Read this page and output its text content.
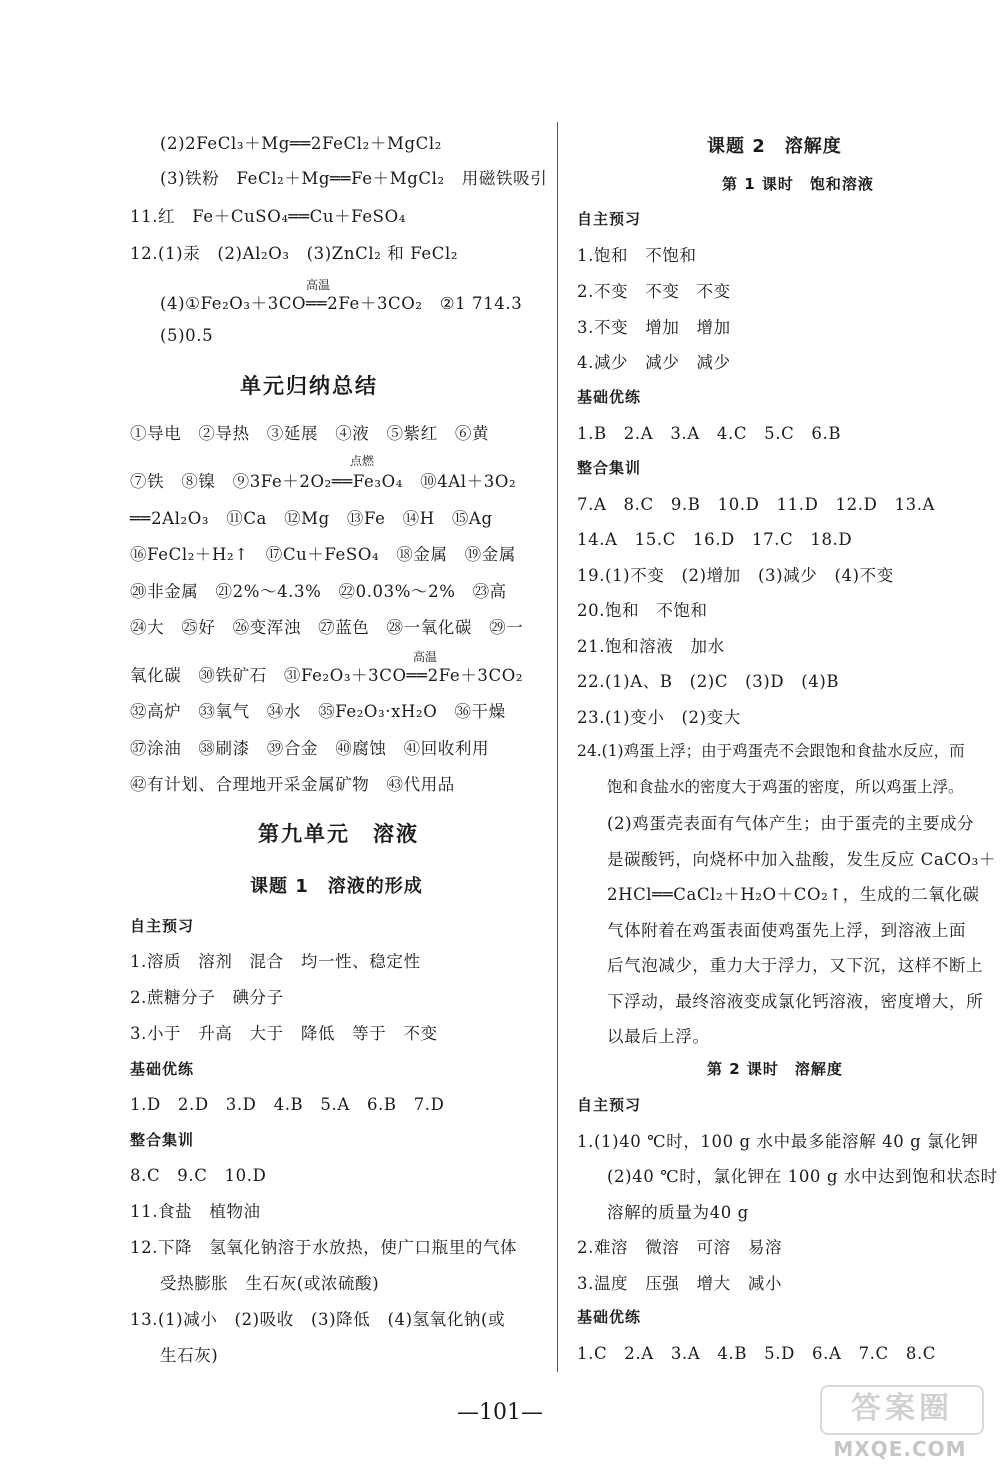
(2)2FeCl₃＋Mg══2FeCl₂＋MgCl₂
(3)铁粉　FeCl₂＋Mg══Fe＋MgCl₂　用磁铁吸引
11.红　Fe＋CuSO₄══Cu＋FeSO₄
12.(1)汞　(2)Al₂O₃　(3)ZnCl₂ 和 FeCl₂
高温
(4)①Fe₂O₃＋3CO══2Fe＋3CO₂　②1 714.3
(5)0.5
单元归纳总结
①导电　②导热　③延展　④液　⑤紫红　⑥黄
点燃
⑦铁　⑧镍　⑨3Fe＋2O₂══Fe₃O₄　⑩4Al＋3O₂
══2Al₂O₃　⑪Ca　⑫Mg　⑬Fe　⑭H　⑮Ag
⑯FeCl₂＋H₂↑　⑰Cu＋FeSO₄　⑱金属　⑲金属
⑳非金属　㉑2%～4.3%　㉒0.03%～2%　㉓高
㉔大　㉕好　㉖变浑浊　㉗蓝色　㉘一氧化碳　㉙一
高温
氧化碳　㉚铁矿石　㉛Fe₂O₃＋3CO══2Fe＋3CO₂
㉜高炉　㉝氧气　㉞水　㉟Fe₂O₃·xH₂O　㊱干燥
㊲涂油　㊳刷漆　㊴合金　㊵腐蚀　㊶回收利用
㊷有计划、合理地开采金属矿物　㊸代用品
第九单元　溶液
课题 1　溶液的形成
自主预习
1.溶质　溶剂　混合　均一性、稳定性
2.蔗糖分子　碘分子
3.小于　升高　大于　降低　等于　不变
基础优练
1.D　2.D　3.D　4.B　5.A　6.B　7.D
整合集训
8.C　9.C　10.D
11.食盐　植物油
12.下降　氢氧化钠溶于水放热，使广口瓶里的气体
受热膨胀　生石灰(或浓硫酸)
13.(1)减小　(2)吸收　(3)降低　(4)氢氧化钠(或
生石灰)
课题 2　溶解度
第 1 课时　饱和溶液
自主预习
1.饱和　不饱和
2.不变　不变　不变
3.不变　增加　增加
4.减少　减少　减少
基础优练
1.B　2.A　3.A　4.C　5.C　6.B
整合集训
7.A　8.C　9.B　10.D　11.D　12.D　13.A
14.A　15.C　16.D　17.C　18.D
19.(1)不变　(2)增加　(3)减少　(4)不变
20.饱和　不饱和
21.饱和溶液　加水
22.(1)A、B　(2)C　(3)D　(4)B
23.(1)变小　(2)变大
24.(1)鸡蛋上浮；由于鸡蛋壳不会跟饱和食盐水反应，而
饱和食盐水的密度大于鸡蛋的密度，所以鸡蛋上浮。
(2)鸡蛋壳表面有气体产生；由于蛋壳的主要成分
是碳酸钙，向烧杯中加入盐酸，发生反应 CaCO₃＋
2HCl══CaCl₂＋H₂O＋CO₂↑，生成的二氧化碳
气体附着在鸡蛋表面使鸡蛋先上浮，到溶液上面
后气泡减少，重力大于浮力，又下沉，这样不断上
下浮动，最终溶液变成氯化钙溶液，密度增大，所
以最后上浮。
第 2 课时　溶解度
自主预习
1.(1)40 ℃时，100 g 水中最多能溶解 40 g 氯化钾
(2)40 ℃时，氯化钾在 100 g 水中达到饱和状态时
溶解的质量为40 g
2.难溶　微溶　可溶　易溶
3.温度　压强　增大　减小
基础优练
1.C　2.A　3.A　4.B　5.D　6.A　7.C　8.C
—101—	答案圈
MXQE.COM
